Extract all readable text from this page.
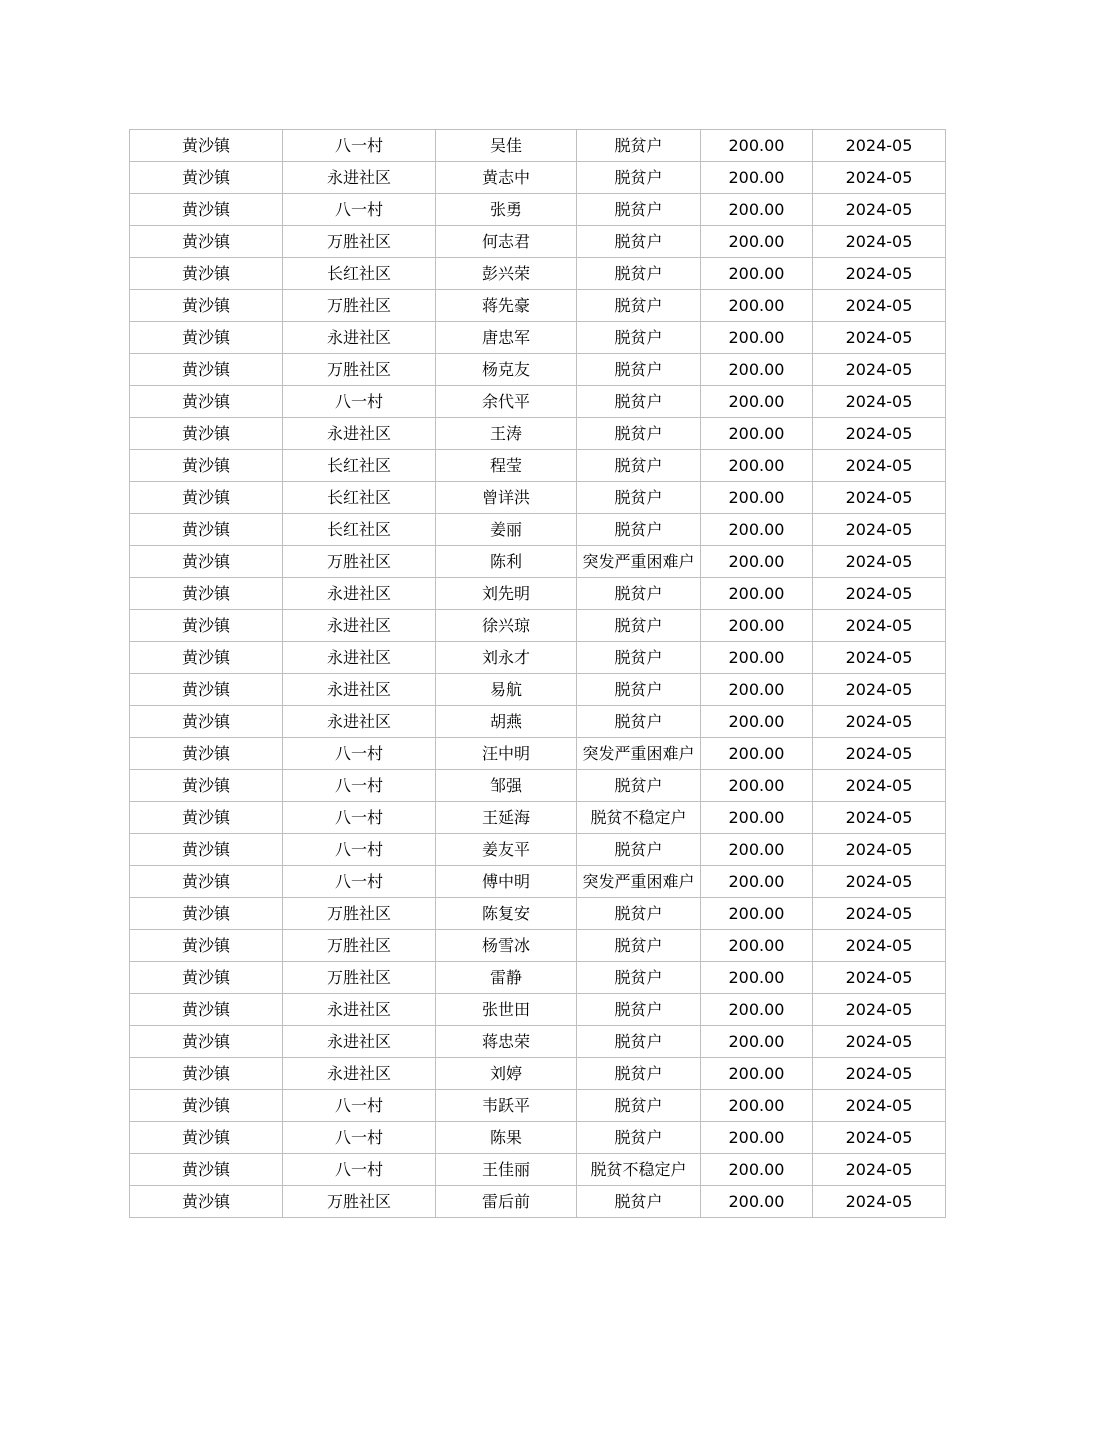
黄沙镇	八一村	吴佳	脱贫户	200.00	2024-05
黄沙镇	永进社区	黄志中	脱贫户	200.00	2024-05
黄沙镇	八一村	张勇	脱贫户	200.00	2024-05
黄沙镇	万胜社区	何志君	脱贫户	200.00	2024-05
黄沙镇	长红社区	彭兴荣	脱贫户	200.00	2024-05
黄沙镇	万胜社区	蒋先豪	脱贫户	200.00	2024-05
黄沙镇	永进社区	唐忠军	脱贫户	200.00	2024-05
黄沙镇	万胜社区	杨克友	脱贫户	200.00	2024-05
黄沙镇	八一村	余代平	脱贫户	200.00	2024-05
黄沙镇	永进社区	王涛	脱贫户	200.00	2024-05
黄沙镇	长红社区	程莹	脱贫户	200.00	2024-05
黄沙镇	长红社区	曾详洪	脱贫户	200.00	2024-05
黄沙镇	长红社区	姜丽	脱贫户	200.00	2024-05
黄沙镇	万胜社区	陈利	突发严重困难户	200.00	2024-05
黄沙镇	永进社区	刘先明	脱贫户	200.00	2024-05
黄沙镇	永进社区	徐兴琼	脱贫户	200.00	2024-05
黄沙镇	永进社区	刘永才	脱贫户	200.00	2024-05
黄沙镇	永进社区	易航	脱贫户	200.00	2024-05
黄沙镇	永进社区	胡燕	脱贫户	200.00	2024-05
黄沙镇	八一村	汪中明	突发严重困难户	200.00	2024-05
黄沙镇	八一村	邹强	脱贫户	200.00	2024-05
黄沙镇	八一村	王延海	脱贫不稳定户	200.00	2024-05
黄沙镇	八一村	姜友平	脱贫户	200.00	2024-05
黄沙镇	八一村	傅中明	突发严重困难户	200.00	2024-05
黄沙镇	万胜社区	陈复安	脱贫户	200.00	2024-05
黄沙镇	万胜社区	杨雪冰	脱贫户	200.00	2024-05
黄沙镇	万胜社区	雷静	脱贫户	200.00	2024-05
黄沙镇	永进社区	张世田	脱贫户	200.00	2024-05
黄沙镇	永进社区	蒋忠荣	脱贫户	200.00	2024-05
黄沙镇	永进社区	刘婷	脱贫户	200.00	2024-05
黄沙镇	八一村	韦跃平	脱贫户	200.00	2024-05
黄沙镇	八一村	陈果	脱贫户	200.00	2024-05
黄沙镇	八一村	王佳丽	脱贫不稳定户	200.00	2024-05
黄沙镇	万胜社区	雷后前	脱贫户	200.00	2024-05
